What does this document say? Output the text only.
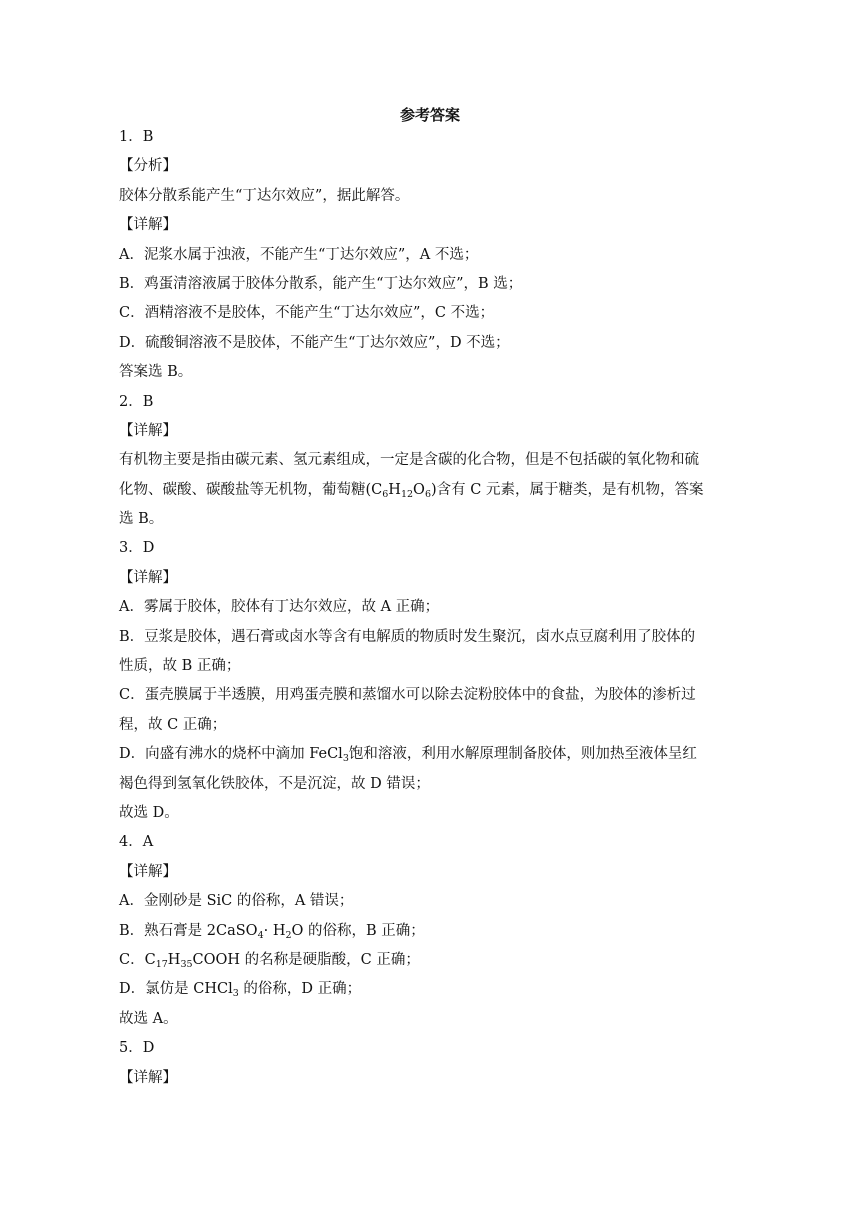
参考答案
1．B
【分析】
胶体分散系能产生“丁达尔效应”，据此解答。
【详解】
A．泥浆水属于浊液，不能产生“丁达尔效应”，A 不选；
B．鸡蛋清溶液属于胶体分散系，能产生“丁达尔效应”，B 选；
C．酒精溶液不是胶体，不能产生“丁达尔效应”，C 不选；
D．硫酸铜溶液不是胶体，不能产生“丁达尔效应”，D 不选；
答案选 B。
2．B
【详解】
有机物主要是指由碳元素、氢元素组成，一定是含碳的化合物，但是不包括碳的氧化物和硫
化物、碳酸、碳酸盐等无机物，葡萄糖$(C_6H_{12}O_6)$含有 C 元素，属于糖类，是有机物，答案
选 B。
3．D
【详解】
A．雾属于胶体，胶体有丁达尔效应，故 A 正确；
B．豆浆是胶体，遇石膏或卤水等含有电解质的物质时发生聚沉，卤水点豆腐利用了胶体的
性质，故 B 正确；
C．蛋壳膜属于半透膜，用鸡蛋壳膜和蒸馏水可以除去淀粉胶体中的食盐，为胶体的渗析过
程，故 C 正确；
D．向盛有沸水的烧杯中滴加 FeCl$_3$饱和溶液，利用水解原理制备胶体，则加热至液体呈红
褐色得到氢氧化铁胶体，不是沉淀，故 D 错误；
故选 D。
4．A
【详解】
A．金刚砂是 SiC 的俗称，A 错误；
B．熟石膏是 2CaSO$_4$· $H_2O$ 的俗称，B 正确；
C．$C_{17}H_{35}COOH$ 的名称是硬脂酸，C 正确；
D．氯仿是 CHCl$_3$ 的俗称，D 正确；
故选 A。
5．D
【详解】
